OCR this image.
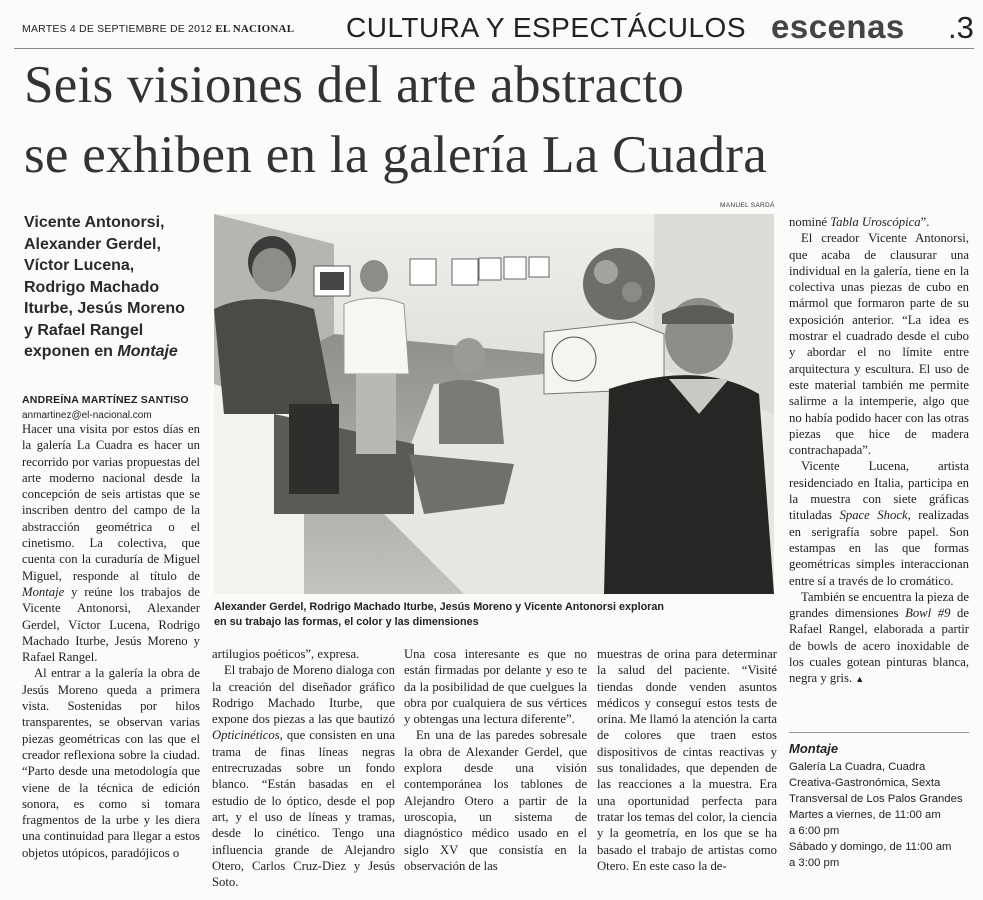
MARTES 4 DE SEPTIEMBRE DE 2012 EL NACIONAL CULTURA Y ESPECTÁCULOS escenas .3
Seis visiones del arte abstracto
se exhiben en la galería La Cuadra
Vicente Antonorsi,
Alexander Gerdel,
Víctor Lucena,
Rodrigo Machado
Iturbe, Jesús Moreno
y Rafael Rangel
exponen en Montaje
ANDREÍNA MARTÍNEZ SANTISO
anmartinez@el-nacional.com

Hacer una visita por estos días en la galería La Cuadra es hacer un recorrido por varias propuestas del arte moderno nacional desde la concepción de seis artistas que se inscriben dentro del campo de la abstracción geométrica o el cinetismo. La colectiva, que cuenta con la curaduría de Miguel Miguel, responde al título de Montaje y reúne los trabajos de Vicente Antonorsi, Alexander Gerdel, Víctor Lucena, Rodrigo Machado Iturbe, Jesús Moreno y Rafael Rangel.

Al entrar a la galería la obra de Jesús Moreno queda a primera vista. Sostenidas por hilos transparentes, se observan varias piezas geométricas con las que el creador reflexiona sobre la ciudad. “Parto desde una metodología que viene de la técnica de edición sonora, es como si tomara fragmentos de la urbe y les diera una continuidad para llegar a estos objetos utópicos, paradójicos o

MANUEL SARDÁ
Alexander Gerdel, Rodrigo Machado Iturbe, Jesús Moreno y Vicente Antonorsi exploran
en su trabajo las formas, el color y las dimensiones

artilugios poéticos”, expresa.

El trabajo de Moreno dialoga con la creación del diseñador gráfico Rodrigo Machado Iturbe, que expone dos piezas a las que bautizó Opticinéticos, que consisten en una trama de finas líneas negras entrecruzadas sobre un fondo blanco. “Están basadas en el estudio de lo óptico, desde el pop art, y el uso de líneas y tramas, desde lo cinético. Tengo una influencia grande de Alejandro Otero, Carlos Cruz-Diez y Jesús Soto.

Una cosa interesante es que no están firmadas por delante y eso te da la posibilidad de que cuelgues la obra por cualquiera de sus vértices y obtengas una lectura diferente”.

En una de las paredes sobresale la obra de Alexander Gerdel, que explora desde una visión contemporánea los tablones de Alejandro Otero a partir de la uroscopia, un sistema de diagnóstico médico usado en el siglo XV que consistía en la observación de las

muestras de orina para determinar la salud del paciente. “Visité tiendas donde venden asuntos médicos y conseguí estos tests de orina. Me llamó la atención la carta de colores que traen estos dispositivos de cintas reactivas y sus tonalidades, que dependen de las reacciones a la muestra. Era una oportunidad perfecta para tratar los temas del color, la ciencia y la geometría, en los que se ha basado el trabajo de artistas como Otero. En este caso la de-

nominé Tabla Uroscópica”.

El creador Vicente Antonorsi, que acaba de clausurar una individual en la galería, tiene en la colectiva unas piezas de cubo en mármol que formaron parte de su exposición anterior. “La idea es mostrar el cuadrado desde el cubo y abordar el no límite entre arquitectura y escultura. El uso de este material también me permite salirme a la intemperie, algo que no había podido hacer con las otras piezas que hice de madera contrachapada”.

Vicente Lucena, artista residenciado en Italia, participa en la muestra con siete gráficas tituladas Space Shock, realizadas en serigrafía sobre papel. Son estampas en las que formas geométricas simples interaccionan entre sí a través de lo cromático.

También se encuentra la pieza de grandes dimensiones Bowl #9 de Rafael Rangel, elaborada a partir de bowls de acero inoxidable de los cuales gotean pinturas blanca, negra y gris. ▲

Montaje
Galería La Cuadra, Cuadra
Creativa-Gastronómica, Sexta
Transversal de Los Palos Grandes
Martes a viernes, de 11:00 am
a 6:00 pm
Sábado y domingo, de 11:00 am
a 3:00 pm
